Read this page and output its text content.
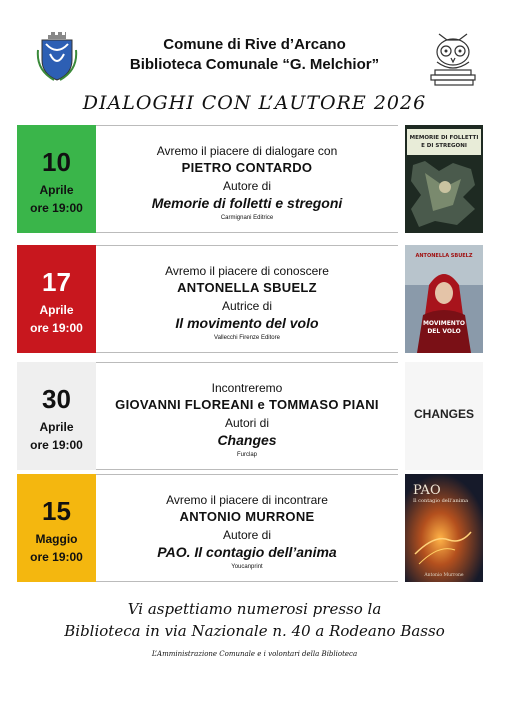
Comune di Rive d’Arcano
Biblioteca Comunale “G. Melchior”
DIALOGHI CON L’AUTORE 2026
10
Aprile
ore 19:00
Avremo il piacere di dialogare con
PIETRO CONTARDO
Autore di
Memorie di folletti e stregoni
Carmignani Editrice
MEMORIE DI FOLLETTI
E DI STREGONI
17
Aprile
ore 19:00
Avremo il piacere di conoscere
ANTONELLA SBUELZ
Autrice di
Il movimento del volo
Vallecchi Firenze Editore
ANTONELLA SBUELZ
MOVIMENTO
DEL VOLO
30
Aprile
ore 19:00
Incontreremo
GIOVANNI FLOREANI e TOMMASO PIANI
Autori di
Changes
Furclap
CHANGES
15
Maggio
ore 19:00
Avremo il piacere di incontrare
ANTONIO MURRONE
Autore di
PAO. Il contagio dell’anima
Youcanprint
PAO
Il contagio dell’anima
Antonio Murrone
Vi aspettiamo numerosi presso la
Biblioteca in via Nazionale n. 40 a Rodeano Basso
L’Amministrazione Comunale e i volontari della Biblioteca
